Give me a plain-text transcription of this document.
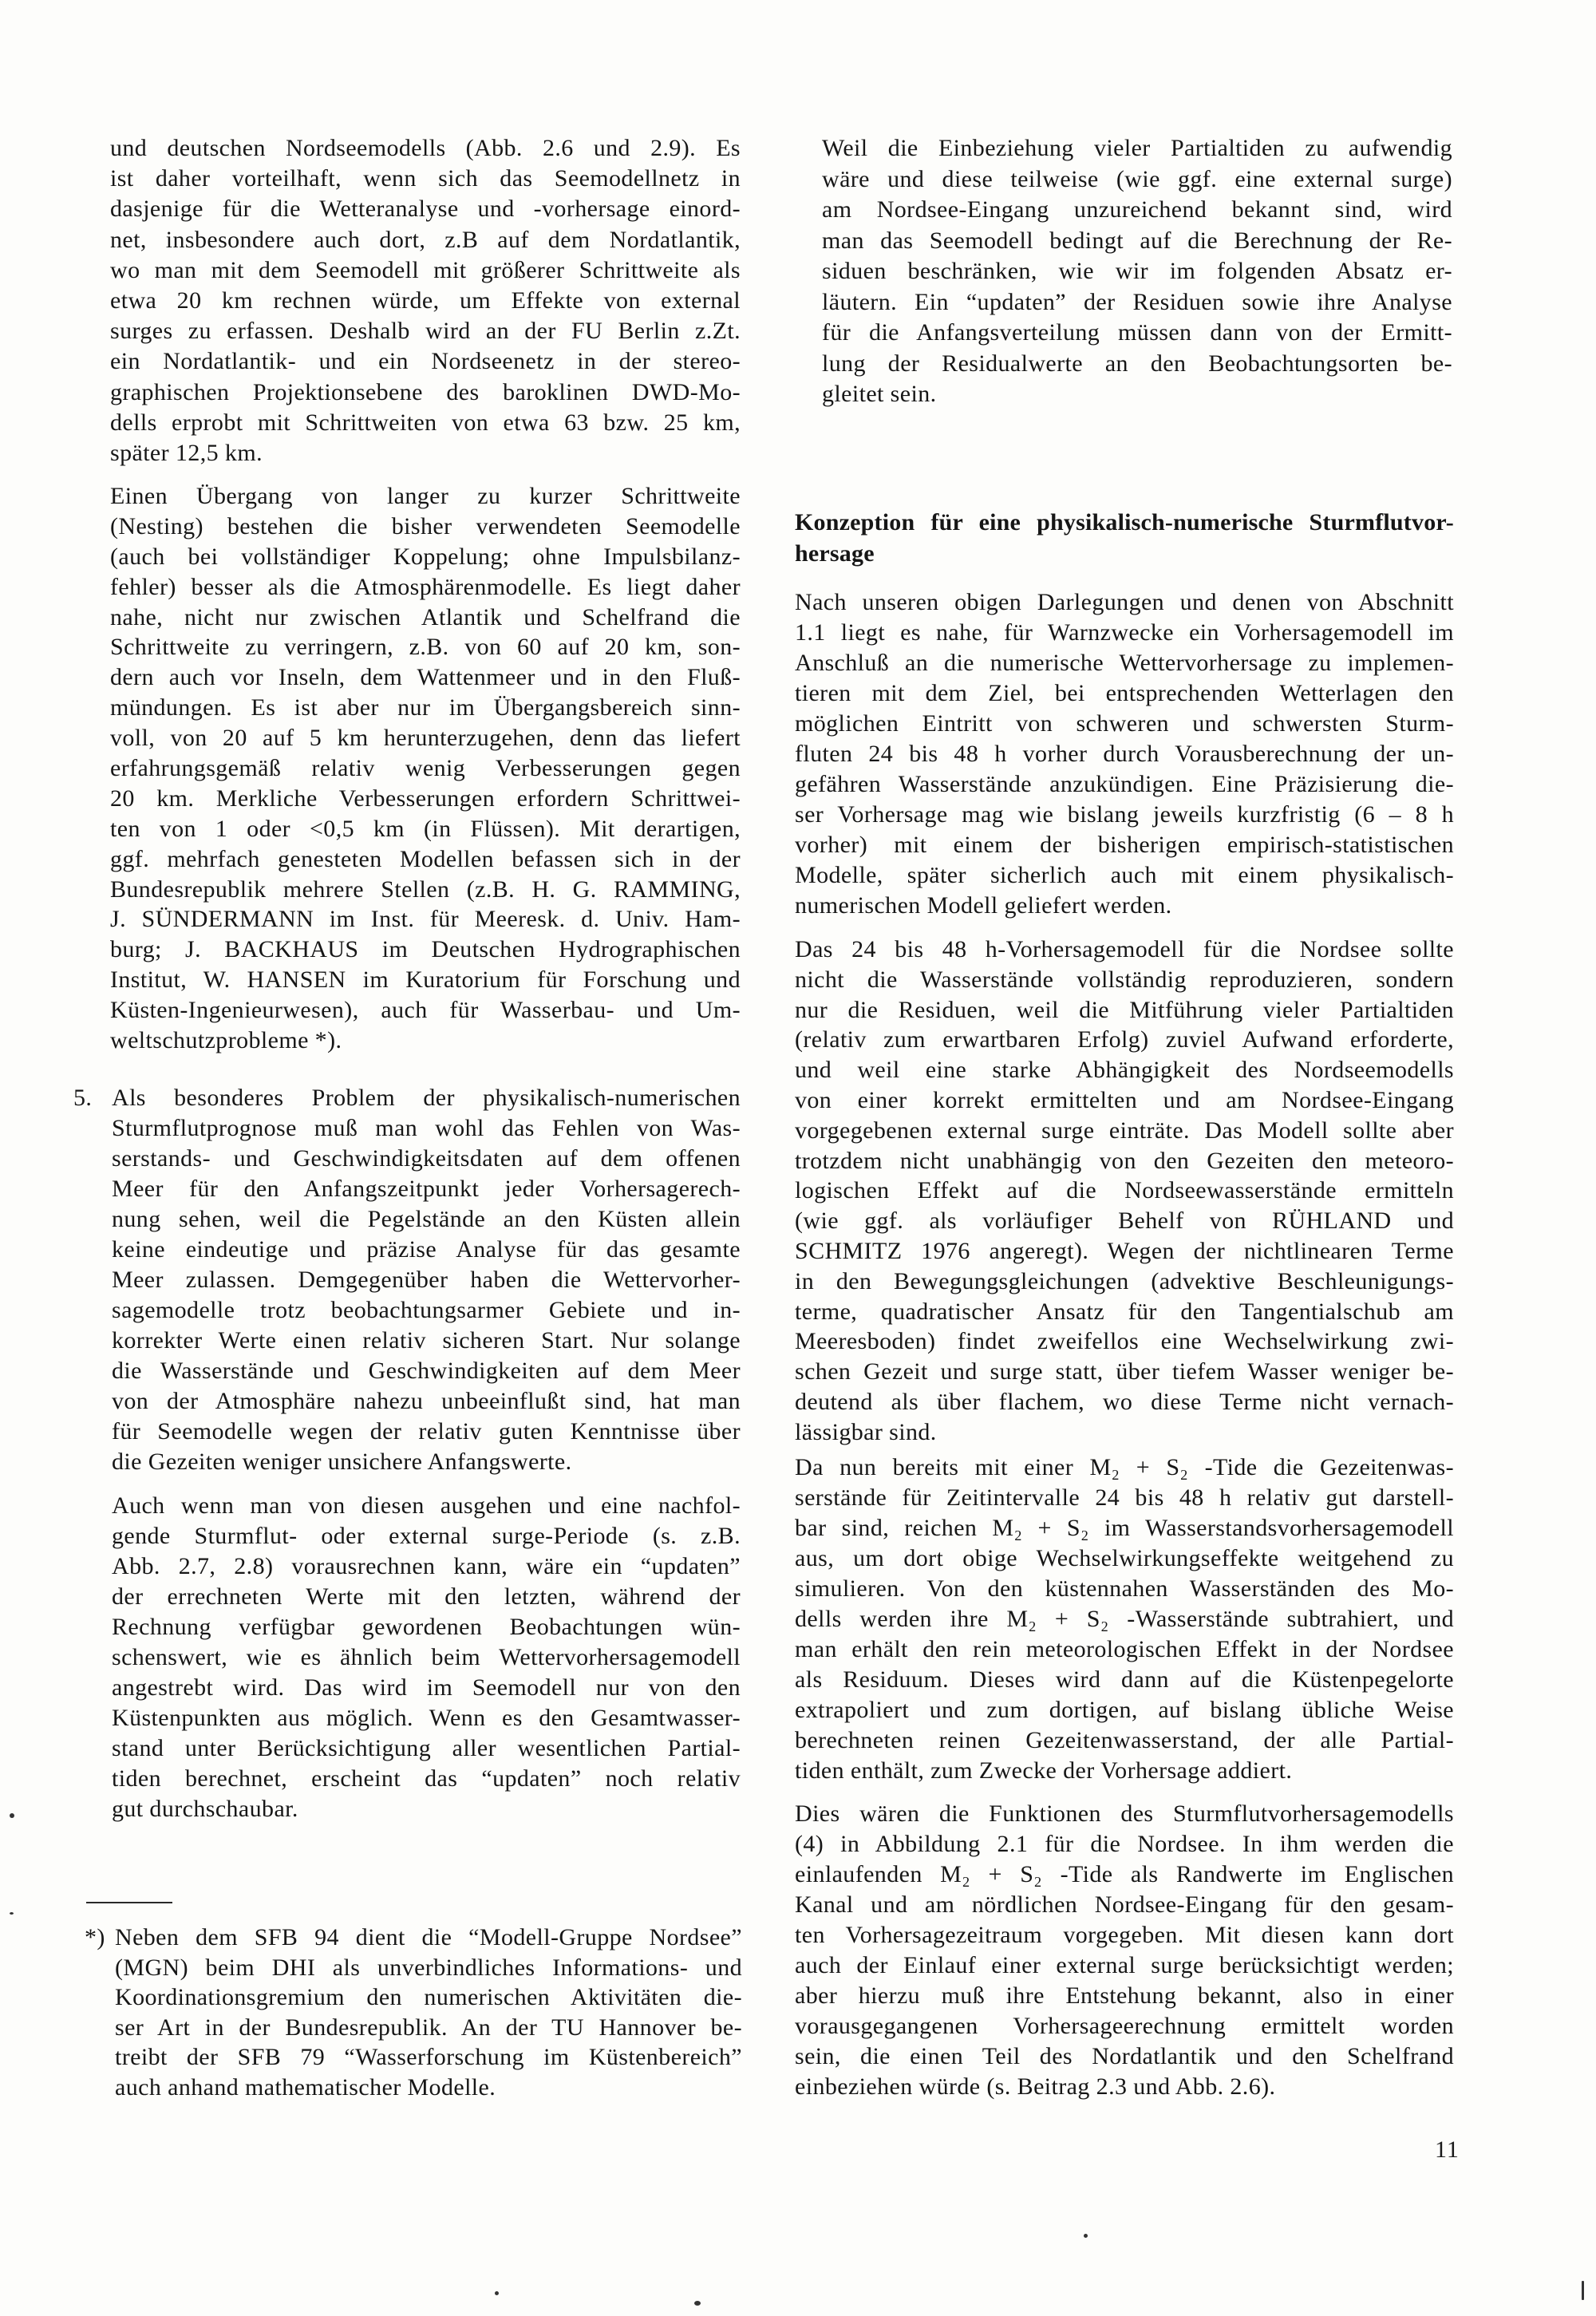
und deutschen Nordseemodells (Abb. 2.6 und 2.9). Es
ist daher vorteilhaft, wenn sich das Seemodellnetz in
dasjenige für die Wetteranalyse und -vorhersage einord-
net, insbesondere auch dort, z.B auf dem Nordatlantik,
wo man mit dem Seemodell mit größerer Schrittweite als
etwa 20 km rechnen würde, um Effekte von external
surges zu erfassen. Deshalb wird an der FU Berlin z.Zt.
ein Nordatlantik- und ein Nordseenetz in der stereo-
graphischen Projektionsebene des baroklinen DWD-Mo-
dells erprobt mit Schrittweiten von etwa 63 bzw. 25 km,
später 12,5 km.
Einen Übergang von langer zu kurzer Schrittweite
(Nesting) bestehen die bisher verwendeten Seemodelle
(auch bei vollständiger Koppelung; ohne Impulsbilanz-
fehler) besser als die Atmosphärenmodelle. Es liegt daher
nahe, nicht nur zwischen Atlantik und Schelfrand die
Schrittweite zu verringern, z.B. von 60 auf 20 km, son-
dern auch vor Inseln, dem Wattenmeer und in den Fluß-
mündungen. Es ist aber nur im Übergangsbereich sinn-
voll, von 20 auf 5 km herunterzugehen, denn das liefert
erfahrungsgemäß relativ wenig Verbesserungen gegen
20 km. Merkliche Verbesserungen erfordern Schrittwei-
ten von 1 oder <0,5 km (in Flüssen). Mit derartigen,
ggf. mehrfach genesteten Modellen befassen sich in der
Bundesrepublik mehrere Stellen (z.B. H. G. RAMMING,
J. SÜNDERMANN im Inst. für Meeresk. d. Univ. Ham-
burg; J. BACKHAUS im Deutschen Hydrographischen
Institut, W. HANSEN im Kuratorium für Forschung und
Küsten-Ingenieurwesen), auch für Wasserbau- und Um-
weltschutzprobleme *).
5. Als besonderes Problem der physikalisch-numerischen
Sturmflutprognose muß man wohl das Fehlen von Was-
serstands- und Geschwindigkeitsdaten auf dem offenen
Meer für den Anfangszeitpunkt jeder Vorhersagerech-
nung sehen, weil die Pegelstände an den Küsten allein
keine eindeutige und präzise Analyse für das gesamte
Meer zulassen. Demgegenüber haben die Wettervorher-
sagemodelle trotz beobachtungsarmer Gebiete und in-
korrekter Werte einen relativ sicheren Start. Nur solange
die Wasserstände und Geschwindigkeiten auf dem Meer
von der Atmosphäre nahezu unbeeinflußt sind, hat man
für Seemodelle wegen der relativ guten Kenntnisse über
die Gezeiten weniger unsichere Anfangswerte.
Auch wenn man von diesen ausgehen und eine nachfol-
gende Sturmflut- oder external surge-Periode (s. z.B.
Abb. 2.7, 2.8) vorausrechnen kann, wäre ein “updaten”
der errechneten Werte mit den letzten, während der
Rechnung verfügbar gewordenen Beobachtungen wün-
schenswert, wie es ähnlich beim Wettervorhersagemodell
angestrebt wird. Das wird im Seemodell nur von den
Küstenpunkten aus möglich. Wenn es den Gesamtwasser-
stand unter Berücksichtigung aller wesentlichen Partial-
tiden berechnet, erscheint das “updaten” noch relativ
gut durchschaubar.
*) Neben dem SFB 94 dient die “Modell-Gruppe Nordsee”
(MGN) beim DHI als unverbindliches Informations- und
Koordinationsgremium den numerischen Aktivitäten die-
ser Art in der Bundesrepublik. An der TU Hannover be-
treibt der SFB 79 “Wasserforschung im Küstenbereich”
auch anhand mathematischer Modelle.
Weil die Einbeziehung vieler Partialtiden zu aufwendig
wäre und diese teilweise (wie ggf. eine external surge)
am Nordsee-Eingang unzureichend bekannt sind, wird
man das Seemodell bedingt auf die Berechnung der Re-
siduen beschränken, wie wir im folgenden Absatz er-
läutern. Ein “updaten” der Residuen sowie ihre Analyse
für die Anfangsverteilung müssen dann von der Ermitt-
lung der Residualwerte an den Beobachtungsorten be-
gleitet sein.
Konzeption für eine physikalisch-numerische Sturmflutvor-
hersage
Nach unseren obigen Darlegungen und denen von Abschnitt
1.1 liegt es nahe, für Warnzwecke ein Vorhersagemodell im
Anschluß an die numerische Wettervorhersage zu implemen-
tieren mit dem Ziel, bei entsprechenden Wetterlagen den
möglichen Eintritt von schweren und schwersten Sturm-
fluten 24 bis 48 h vorher durch Vorausberechnung der un-
gefähren Wasserstände anzukündigen. Eine Präzisierung die-
ser Vorhersage mag wie bislang jeweils kurzfristig (6 – 8 h
vorher) mit einem der bisherigen empirisch-statistischen
Modelle, später sicherlich auch mit einem physikalisch-
numerischen Modell geliefert werden.
Das 24 bis 48 h-Vorhersagemodell für die Nordsee sollte
nicht die Wasserstände vollständig reproduzieren, sondern
nur die Residuen, weil die Mitführung vieler Partialtiden
(relativ zum erwartbaren Erfolg) zuviel Aufwand erforderte,
und weil eine starke Abhängigkeit des Nordseemodells
von einer korrekt ermittelten und am Nordsee-Eingang
vorgegebenen external surge einträte. Das Modell sollte aber
trotzdem nicht unabhängig von den Gezeiten den meteoro-
logischen Effekt auf die Nordseewasserstände ermitteln
(wie ggf. als vorläufiger Behelf von RÜHLAND und
SCHMITZ 1976 angeregt). Wegen der nichtlinearen Terme
in den Bewegungsgleichungen (advektive Beschleunigungs-
terme, quadratischer Ansatz für den Tangentialschub am
Meeresboden) findet zweifellos eine Wechselwirkung zwi-
schen Gezeit und surge statt, über tiefem Wasser weniger be-
deutend als über flachem, wo diese Terme nicht vernach-
lässigbar sind.
Da nun bereits mit einer M₂ + S₂ -Tide die Gezeitenwas-
serstände für Zeitintervalle 24 bis 48 h relativ gut darstell-
bar sind, reichen M₂ + S₂ im Wasserstandsvorhersagemodell
aus, um dort obige Wechselwirkungseffekte weitgehend zu
simulieren. Von den küstennahen Wasserständen des Mo-
dells werden ihre M₂ + S₂ -Wasserstände subtrahiert, und
man erhält den rein meteorologischen Effekt in der Nordsee
als Residuum. Dieses wird dann auf die Küstenpegelorte
extrapoliert und zum dortigen, auf bislang übliche Weise
berechneten reinen Gezeitenwasserstand, der alle Partial-
tiden enthält, zum Zwecke der Vorhersage addiert.
Dies wären die Funktionen des Sturmflutvorhersagemodells
(4) in Abbildung 2.1 für die Nordsee. In ihm werden die
einlaufenden M₂ + S₂ -Tide als Randwerte im Englischen
Kanal und am nördlichen Nordsee-Eingang für den gesam-
ten Vorhersagezeitraum vorgegeben. Mit diesen kann dort
auch der Einlauf einer external surge berücksichtigt werden;
aber hierzu muß ihre Entstehung bekannt, also in einer
vorausgegangenen Vorhersageerechnung ermittelt worden
sein, die einen Teil des Nordatlantik und den Schelfrand
einbeziehen würde (s. Beitrag 2.3 und Abb. 2.6).
11
